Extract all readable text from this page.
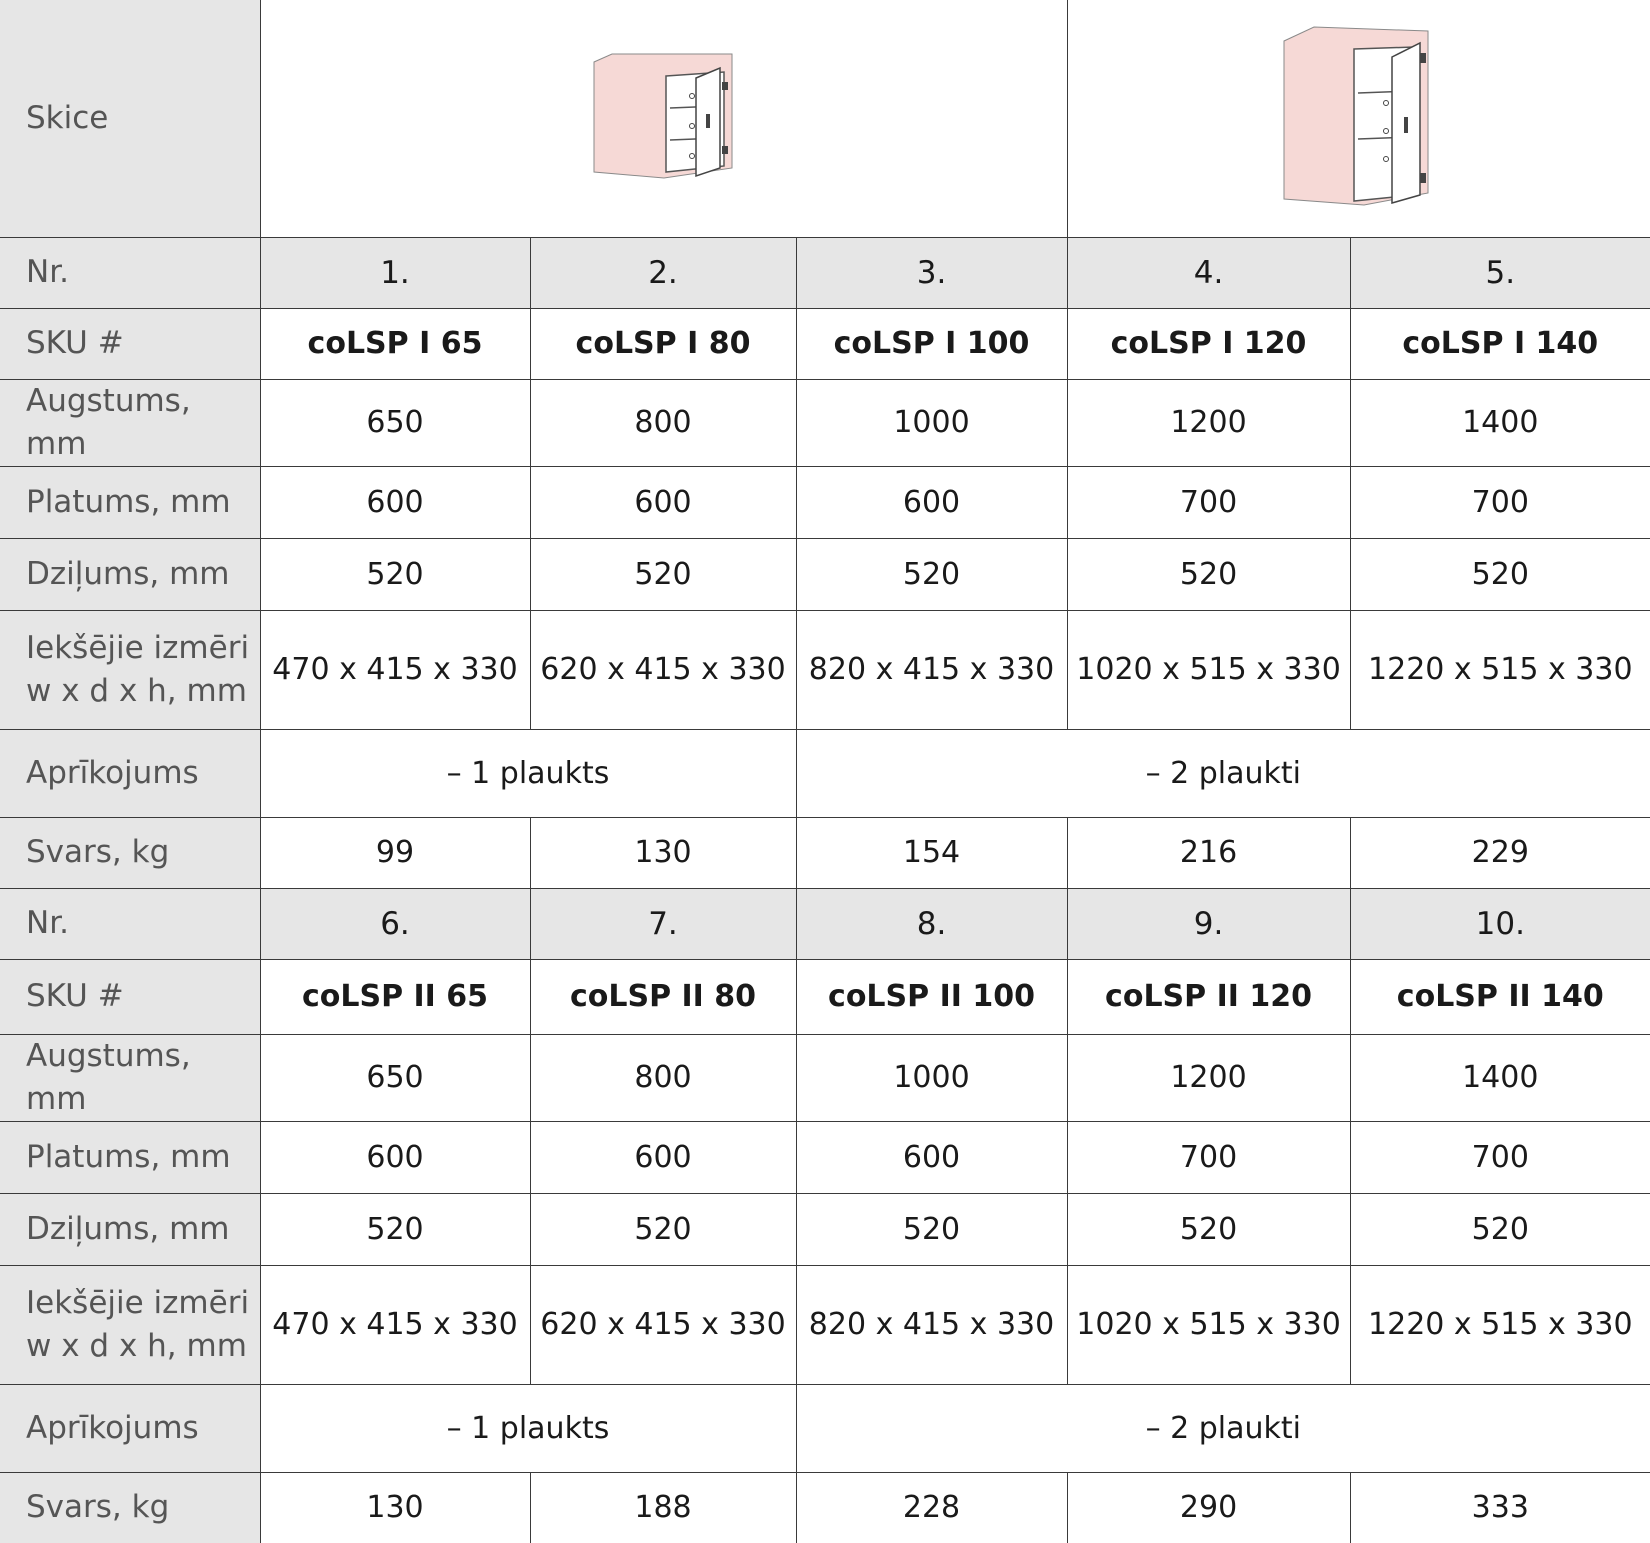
Skice	

Nr.	1.	2.	3.	4.	5.
SKU #	coLSP I 65	coLSP I 80	coLSP I 100	coLSP I 120	coLSP I 140
Augstums, mm	650	800	1000	1200	1400
Platums, mm	600	600	600	700	700
Dziļums, mm	520	520	520	520	520
Iekšējie izmēri
w x d x h, mm	470 x 415 x 330	620 x 415 x 330	820 x 415 x 330	1020 x 515 x 330	1220 x 515 x 330
Aprīkojums	– 1 plaukts		– 2 plaukti		
Svars, kg	99	130	154	216	229
Nr.	6.	7.	8.	9.	10.
SKU #	coLSP II 65	coLSP II 80	coLSP II 100	coLSP II 120	coLSP II 140
Augstums, mm	650	800	1000	1200	1400
Platums, mm	600	600	600	700	700
Dziļums, mm	520	520	520	520	520
Iekšējie izmēri
w x d x h, mm	470 x 415 x 330	620 x 415 x 330	820 x 415 x 330	1020 x 515 x 330	1220 x 515 x 330
Aprīkojums	– 1 plaukts		– 2 plaukti		
Svars, kg	130	188	228	290	333
